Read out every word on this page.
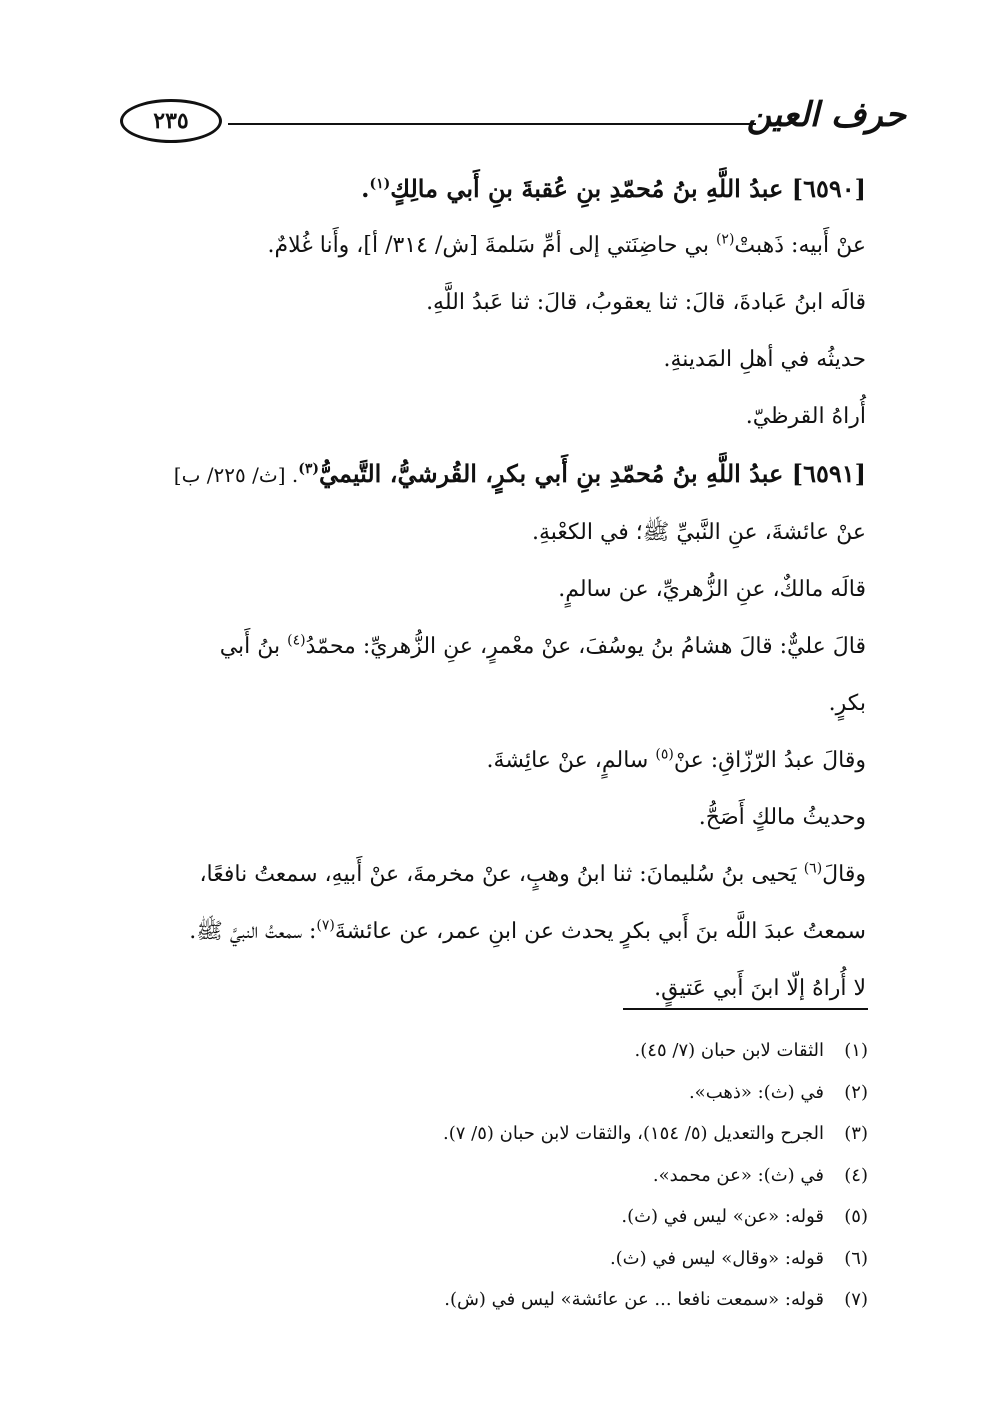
٢٣٥	حرف العين
[٦٥٩٠] عبدُ اللَّهِ بنُ مُحمّدِ بنِ عُقبةَ بنِ أَبي مالِكٍ$^{(١)}$.
عنْ أَبيه: ذَهبتْ$^{(٢)}$ بي حاضِنَتي إلى أمِّ سَلمةَ [ش/ ٣١٤/ أ]، وأَنا غُلامٌ.
قالَه ابنُ عَبادةَ، قالَ: ثنا يعقوبُ، قالَ: ثنا عَبدُ اللَّهِ.
حديثُه في أهلِ المَدينةِ.
أُراهُ القرظيّ.
[٦٥٩١] عبدُ اللَّهِ بنُ مُحمّدِ بنِ أَبي بكرٍ، القُرشيُّ، التَّيميُّ$^{(٣)}$. [ث/ ٢٢٥/ ب]
عنْ عائشةَ، عنِ النَّبيِّ ﷺ؛ في الكعْبةِ.
قالَه مالكٌ، عنِ الزُّهريِّ، عن سالمٍ.
قالَ عليٌّ: قالَ هشامُ بنُ يوسُفَ، عنْ معْمرٍ، عنِ الزُّهريِّ: محمّدُ$^{(٤)}$ بنُ أَبي
بكرٍ.
وقالَ عبدُ الرّزّاقِ: عنْ$^{(٥)}$ سالمٍ، عنْ عائِشةَ.
وحديثُ مالكٍ أَصَحُّ.
وقالَ$^{(٦)}$ يَحيى بنُ سُليمانَ: ثنا ابنُ وهبٍ، عنْ مخرمةَ، عنْ أَبيهِ، سمعتُ نافعًا،
سمعتُ عبدَ اللَّه بنَ أَبي بكرٍ يحدث عن ابنِ عمر، عن عائشةَ$^{(٧)}$: سمعتُ النبيَّ ﷺ.
لا أُراهُ إلّا ابنَ أَبي عَتيقٍ.
(١)الثقات لابن حبان (٧/ ٤٥).
(٢)في (ث): «ذهب».
(٣)الجرح والتعديل (٥/ ١٥٤)، والثقات لابن حبان (٥/ ٧).
(٤)في (ث): «عن محمد».
(٥)قوله: «عن» ليس في (ث).
(٦)قوله: «وقال» ليس في (ث).
(٧)قوله: «سمعت نافعا ... عن عائشة» ليس في (ش).
